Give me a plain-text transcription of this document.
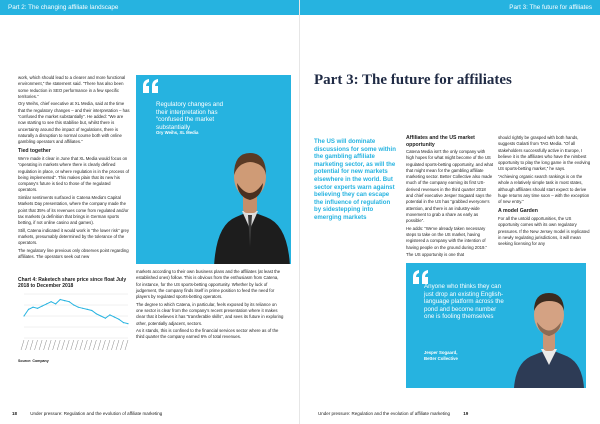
Part 2: The changing affiliate landscape

work, which should lead to a clearer and more functional environment,” the statement said. “There has also been some reduction in SEO performance in a few specific territories.”

Ory Weihs, chief executive at XL Media, said at the time that the regulatory changes – and their interpretation – has “confused the market substantially”. He added: “We are now starting to see this stabilise but, whilst there is uncertainty around the impact of regulations, there is naturally a disruption to normal course both with online gambling operators and affiliates.”

Tied together

We're made it clear in June that XL Media would focus on “operating in markets where there is clearly defined regulation in place, or where regulation is in the process of being implemented”. This makes plain that its new his company's future is tied to those of the regulated operators.

Similar sentiments surfaced in Catena Media's Capital Markets Day presentation, where the company made the point that 35% of its revenues come from regulated and/or tax markets (a definition that brings in German sports betting, if not online casino and games).

Still, Catena indicated it would work in “the lower risk” grey markets, presumably determined by the tolerance of the operators.

The regulatory line previous only observes point regarding affiliates. The operators seek out new

Regulatory changes and their interpretation has “confused the market substantially
Ory Weihs, XL Media
Chart 4: Raketech share price since float July 2018 to December 2018
Source: Company

markets according to their own business plans and the affiliates (at least the established ones) follow. This is obvious from the enthusiasm from Catena, for instance, for the US sports-betting opportunity. Whether by luck of judgement, the company finds itself in prime position to feed the need for players by regulated sports-betting operators.

The degree to which Catena, in particular, feels exposed by its reliance on one sector is clear from the company's recent presentation where it makes clear that it believes it has “transferable skills”, and sees its future in exploring other, potentially adjacent, sectors.

As it stands, this is confined to the financial services sector where as of the third quarter the company earned 6% of total revenues.

18	Under pressure: Regulation and the evolution of affiliate marketing
Part 3: The future for affiliates
Part 3: The future for affiliates
The US will dominate discussions for some within the gambling affiliate marketing sector, as will the potential for new markets elsewhere in the world. But sector experts warn against believing they can escape the influence of regulation by sidestepping into emerging markets
Affiliates and the US market opportunity

Catena Media isn't the only company with high hopes for what might become of the US regulated sports-betting opportunity, and what that might mean for the gambling affiliate marketing sector. Better Collective also made much of the company earning its first US-derived revenues in the third quarter 2018 and chief executive Jesper Sogaard says the potential in the US has “grabbed everyone's attention, and there is an industry-wide movement to grab a share as early as possible”.

He adds: “We've already taken necessary steps to take on the US market, having registered a company with the intention of having people on the ground during 2019.”

The US opportunity is one that

should rightly be grasped with both hands, suggests Galarti from TAG Media. “Of all stakeholders successfully active in Europe, I believe it is the affiliates who have the nimbest opportunity to play the long game in the evolving US sports-betting market,” he says.

“Achieving organic search rankings is on the whole a relatively simple task in most states, although affiliates should start expect to derive huge returns any time soon – with the exception of new entry.”

A model Garden

For all the untold opportunities, the US opportunity comes with its own regulatory pressures. If the New Jersey model is replicated in newly regulating jurisdictions, it will mean seeking licensing for any

Anyone who thinks they can just drop an existing English-language platform across the pond and become number one is fooling themselves
Jesper Sogaard,
Better Collective
Under pressure: Regulation and the evolution of affiliate marketing	19
